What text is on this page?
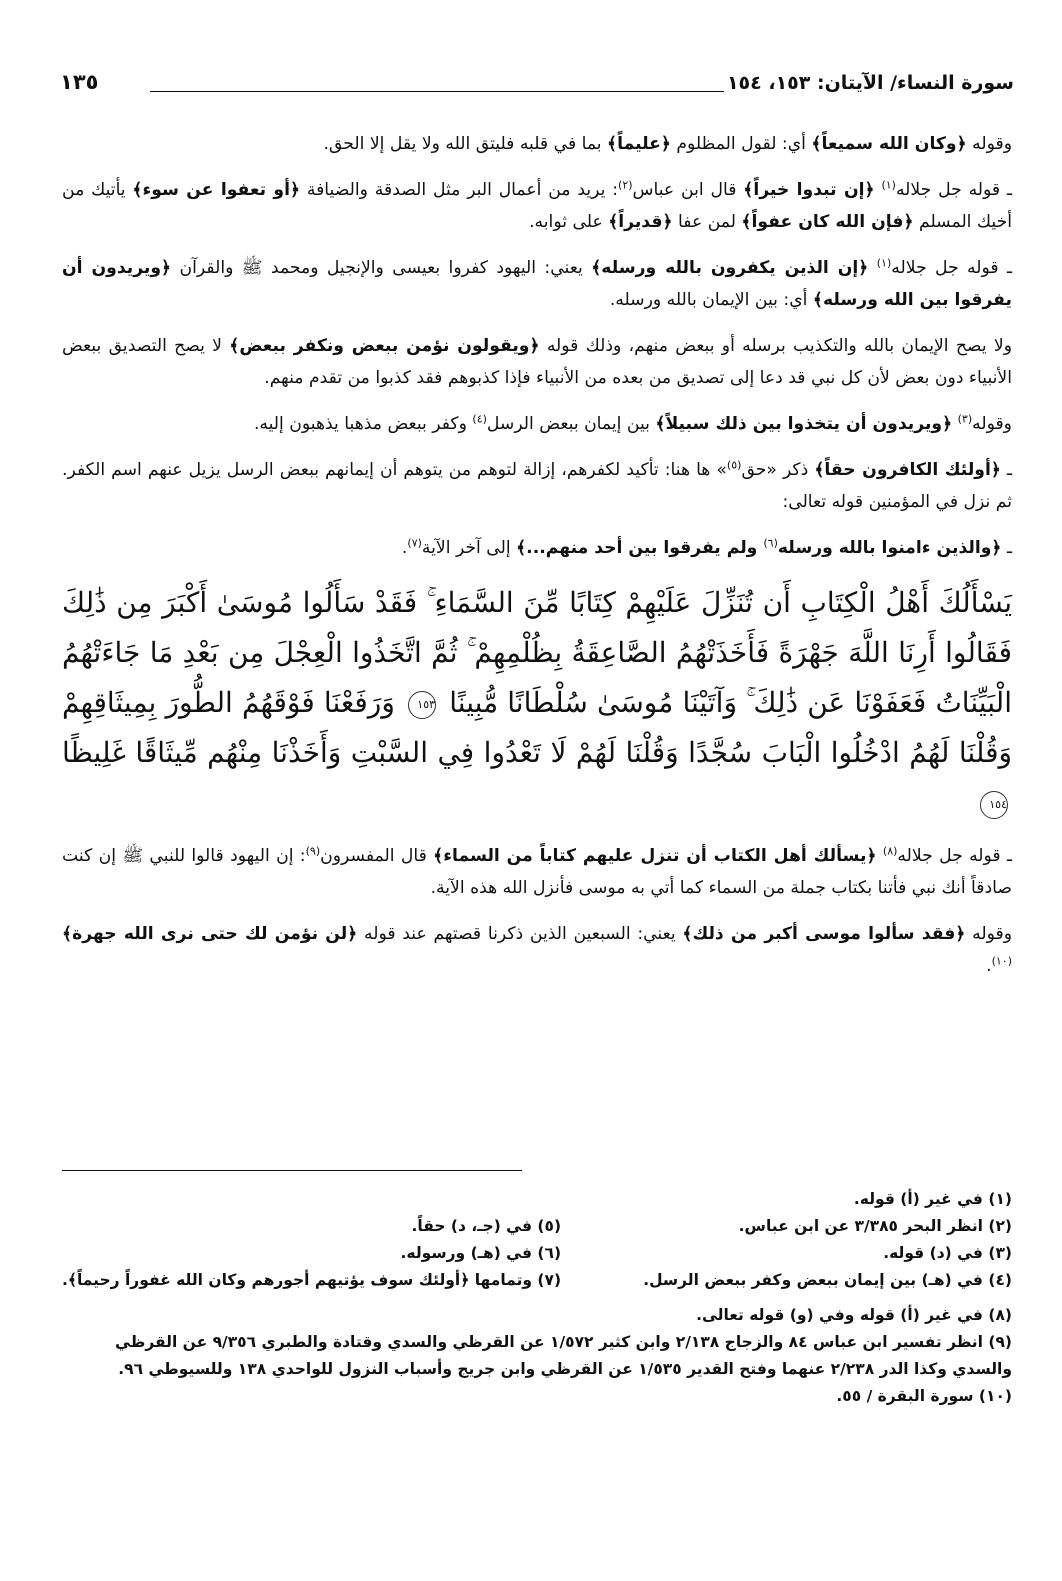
سورة النساء/ الآيتان: ١٥٣، ١٥٤
١٣٥

وقوله ﴿وكان الله سميعاً﴾ أي: لقول المظلوم ﴿عليماً﴾ بما في قلبه فليتق الله ولا يقل إلا الحق.

ـ قوله جل جلاله$^{(١)}$ ﴿إن تبدوا خيراً﴾ قال ابن عباس$^{(٢)}$: يريد من أعمال البر مثل الصدقة والضيافة ﴿أو تعفوا عن سوء﴾ يأتيك من أخيك المسلم ﴿فإن الله كان عفواً﴾ لمن عفا ﴿قديراً﴾ على ثوابه.

ـ قوله جل جلاله$^{(١)}$ ﴿إن الذين يكفرون بالله ورسله﴾ يعني: اليهود كفروا بعيسى والإنجيل ومحمد ﷺ والقرآن ﴿ويريدون أن يفرقوا بين الله ورسله﴾ أي: بين الإيمان بالله ورسله.

ولا يصح الإيمان بالله والتكذيب برسله أو ببعض منهم، وذلك قوله ﴿ويقولون نؤمن ببعض ونكفر ببعض﴾ لا يصح التصديق ببعض الأنبياء دون بعض لأن كل نبي قد دعا إلى تصديق من بعده من الأنبياء فإذا كذبوهم فقد كذبوا من تقدم منهم.

وقوله$^{(٣)}$ ﴿ويريدون أن يتخذوا بين ذلك سبيلاً﴾ بين إيمان ببعض الرسل$^{(٤)}$ وكفر ببعض مذهبا يذهبون إليه.

ـ ﴿أولئك الكافرون حقاً﴾ ذكر «حق$^{(٥)}$» ها هنا: تأكيد لكفرهم، إزالة لتوهم من يتوهم أن إيمانهم ببعض الرسل يزيل عنهم اسم الكفر. ثم نزل في المؤمنين قوله تعالى:

ـ ﴿والذين ءامنوا بالله ورسله$^{(٦)}$ ولم يفرقوا بين أحد منهم...﴾ إلى آخر الآية$^{(٧)}$.

يَسْأَلُكَ أَهْلُ الْكِتَابِ أَن تُنَزِّلَ عَلَيْهِمْ كِتَابًا مِّنَ السَّمَاءِ ۚ فَقَدْ سَأَلُوا مُوسَىٰ أَكْبَرَ مِن ذَٰلِكَ فَقَالُوا أَرِنَا اللَّهَ جَهْرَةً فَأَخَذَتْهُمُ الصَّاعِقَةُ بِظُلْمِهِمْ ۚ ثُمَّ اتَّخَذُوا الْعِجْلَ مِن بَعْدِ مَا جَاءَتْهُمُ الْبَيِّنَاتُ فَعَفَوْنَا عَن ذَٰلِكَ ۚ وَآتَيْنَا مُوسَىٰ سُلْطَانًا مُّبِينًا ١٥٣ وَرَفَعْنَا فَوْقَهُمُ الطُّورَ بِمِيثَاقِهِمْ وَقُلْنَا لَهُمُ ادْخُلُوا الْبَابَ سُجَّدًا وَقُلْنَا لَهُمْ لَا تَعْدُوا فِي السَّبْتِ وَأَخَذْنَا مِنْهُم مِّيثَاقًا غَلِيظًا ١٥٤

ـ قوله جل جلاله$^{(٨)}$ ﴿يسألك أهل الكتاب أن تنزل عليهم كتاباً من السماء﴾ قال المفسرون$^{(٩)}$: إن اليهود قالوا للنبي ﷺ إن كنت صادقاً أنك نبي فأتنا بكتاب جملة من السماء كما أتي به موسى فأنزل الله هذه الآية.

وقوله ﴿فقد سألوا موسى أكبر من ذلك﴾ يعني: السبعين الذين ذكرنا قصتهم عند قوله ﴿لن نؤمن لك حتى نرى الله جهرة﴾$^{(١٠)}$.

(١) في غير (أ) قوله.
(٢) انظر البحر ٣/٣٨٥ عن ابن عباس.
(٣) في (د) قوله.
(٤) في (هـ) بين إيمان ببعض وكفر ببعض الرسل.
(٥) في (جـ، د) حقاً.
(٦) في (هـ) ورسوله.
(٧) وتمامها ﴿أولئك سوف يؤتيهم أجورهم وكان الله غفوراً رحيماً﴾.
(٨) في غير (أ) قوله وفي (و) قوله تعالى.
(٩) انظر تفسير ابن عباس ٨٤ والزجاج ٢/١٣٨ وابن كثير ١/٥٧٢ عن القرظي والسدي وقتادة والطبري ٩/٣٥٦ عن القرظي والسدي وكذا الدر ٢/٢٣٨ عنهما وفتح القدير ١/٥٣٥ عن القرظي وابن جريج وأسباب النزول للواحدي ١٣٨ وللسيوطي ٩٦.
(١٠) سورة البقرة / ٥٥.
